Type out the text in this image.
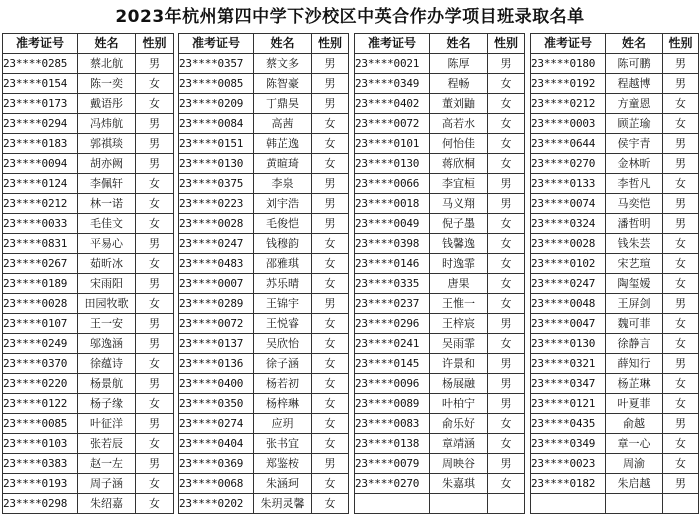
2023年杭州第四中学下沙校区中英合作办学项目班录取名单
准考证号	姓名	性别
23****0285	蔡北航	男
23****0154	陈一奕	女
23****0173	戴语彤	女
23****0294	冯炜航	男
23****0183	郭祺琰	男
23****0094	胡亦阙	男
23****0124	李佩轩	女
23****0212	林一诺	女
23****0033	毛佳文	女
23****0831	平易心	男
23****0267	茹昕冰	女
23****0189	宋雨阳	男
23****0028	田园牧歌	女
23****0107	王一安	男
23****0249	邬逸涵	男
23****0370	徐蕴诗	女
23****0220	杨景航	男
23****0122	杨子缘	女
23****0085	叶征洋	男
23****0103	张若辰	女
23****0383	赵一左	男
23****0193	周子涵	女
23****0298	朱绍嘉	女
准考证号	姓名	性别
23****0357	蔡文多	男
23****0085	陈智豪	男
23****0209	丁鼎昊	男
23****0084	高茜	女
23****0151	韩芷逸	女
23****0130	黄暄琦	女
23****0375	李泉	男
23****0223	刘宇浩	男
23****0028	毛俊恺	男
23****0247	钱穆韵	女
23****0483	邵雅琪	女
23****0007	苏乐晴	女
23****0289	王锦宇	男
23****0072	王悦睿	女
23****0137	吴欣怡	女
23****0136	徐子涵	女
23****0400	杨若初	女
23****0350	杨梓琳	女
23****0274	应玥	女
23****0404	张书宜	女
23****0369	郑鉴桉	男
23****0068	朱涵珂	女
23****0202	朱玥灵馨	女
准考证号	姓名	性别
23****0021	陈厚	男
23****0349	程畅	女
23****0402	董刘鼬	女
23****0072	高若水	女
23****0101	何怡佳	女
23****0130	蒋欣桐	女
23****0066	李宜桓	男
23****0018	马义翔	男
23****0049	倪子墨	女
23****0398	钱馨逸	女
23****0146	时逸霏	女
23****0335	唐果	女
23****0237	王惟一	女
23****0296	王梓宸	男
23****0241	吴雨霏	女
23****0145	许景和	男
23****0096	杨展融	男
23****0089	叶柏宁	男
23****0083	俞乐好	女
23****0138	章靖涵	女
23****0079	周映谷	男
23****0270	朱嘉琪	女

准考证号	姓名	性别
23****0180	陈可鹏	男
23****0192	程越博	男
23****0212	方童恩	女
23****0003	顾芷瑜	女
23****0644	侯宇青	男
23****0270	金林昕	男
23****0133	李哲凡	女
23****0074	马奕恺	男
23****0324	潘哲明	男
23****0028	钱朱芸	女
23****0102	宋艺瑄	女
23****0247	陶玺嫒	女
23****0048	王屏剑	男
23****0047	魏可菲	女
23****0130	徐静言	女
23****0321	薛知行	男
23****0347	杨芷琳	女
23****0121	叶夏菲	女
23****0435	俞越	男
23****0349	章一心	女
23****0023	周渝	女
23****0182	朱启越	男
